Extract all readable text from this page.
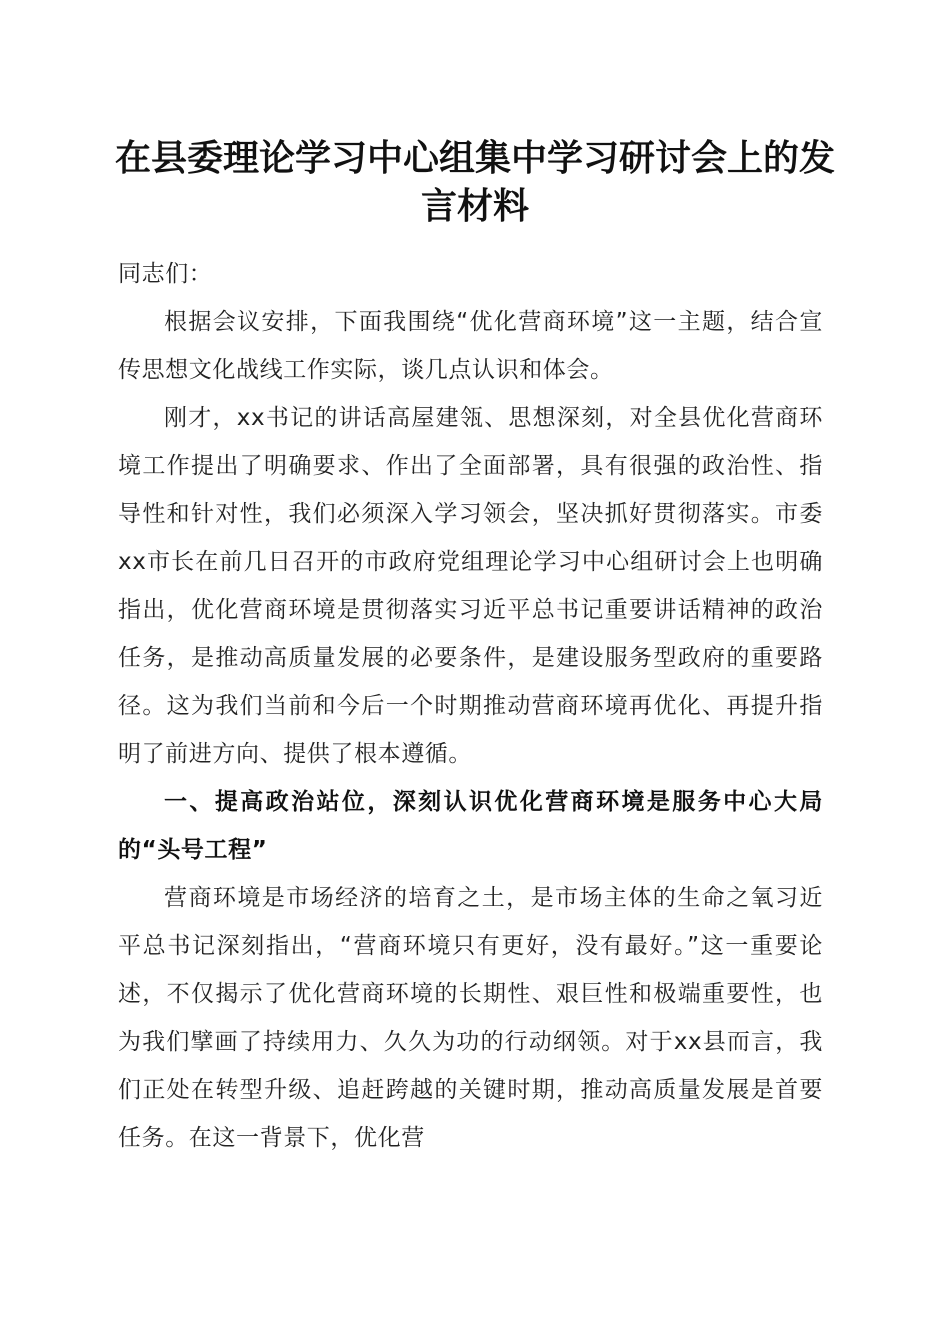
在县委理论学习中心组集中学习研讨会上的发言材料

同志们：

根据会议安排，下面我围绕“优化营商环境”这一主题，结合宣传思想文化战线工作实际，谈几点认识和体会。

刚才，xx书记的讲话高屋建瓴、思想深刻，对全县优化营商环境工作提出了明确要求、作出了全面部署，具有很强的政治性、指导性和针对性，我们必须深入学习领会，坚决抓好贯彻落实。市委xx市长在前几日召开的市政府党组理论学习中心组研讨会上也明确指出，优化营商环境是贯彻落实习近平总书记重要讲话精神的政治任务，是推动高质量发展的必要条件，是建设服务型政府的重要路径。这为我们当前和今后一个时期推动营商环境再优化、再提升指明了前进方向、提供了根本遵循。

一、提高政治站位，深刻认识优化营商环境是服务中心大局的“头号工程”

营商环境是市场经济的培育之土，是市场主体的生命之氧习近平总书记深刻指出，“营商环境只有更好，没有最好。”这一重要论述，不仅揭示了优化营商环境的长期性、艰巨性和极端重要性，也为我们擘画了持续用力、久久为功的行动纲领。对于xx县而言，我们正处在转型升级、追赶跨越的关键时期，推动高质量发展是首要任务。在这一背景下，优化营
